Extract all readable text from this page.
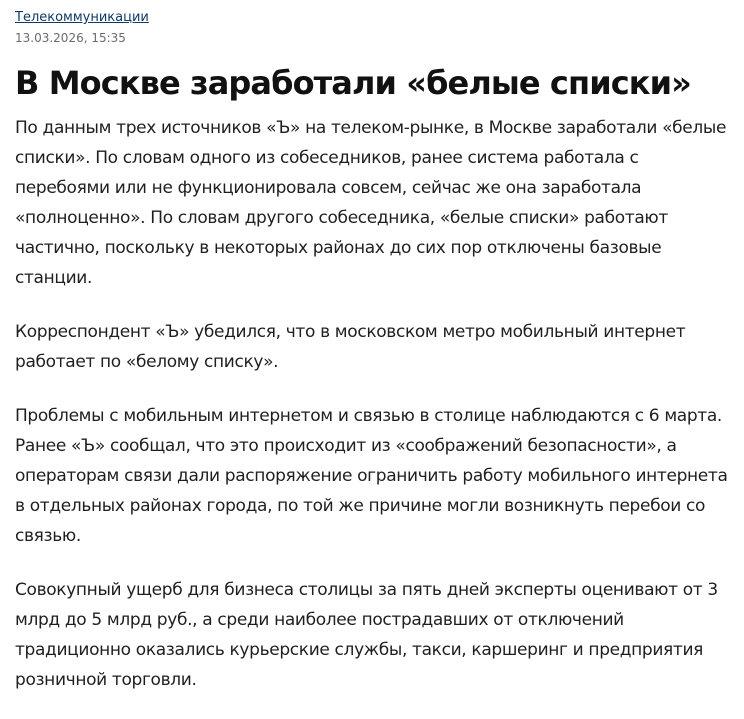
Телекоммуникации
13.03.2026, 15:35
В Москве заработали «белые списки»

По данным трех источников «Ъ» на телеком-рынке, в Москве заработали «белые списки». По словам одного из собеседников, ранее система работала с перебоями или не функционировала совсем, сейчас же она заработала «полноценно». По словам другого собеседника, «белые списки» работают частично, поскольку в некоторых районах до сих пор отключены базовые станции.

Корреспондент «Ъ» убедился, что в московском метро мобильный интернет работает по «белому списку».

Проблемы с мобильным интернетом и связью в столице наблюдаются с 6 марта. Ранее «Ъ» сообщал, что это происходит из «соображений безопасности», а операторам связи дали распоряжение ограничить работу мобильного интернета в отдельных районах города, по той же причине могли возникнуть перебои со связью.

Совокупный ущерб для бизнеса столицы за пять дней эксперты оценивают от 3 млрд до 5 млрд руб., а среди наиболее пострадавших от отключений традиционно оказались курьерские службы, такси, каршеринг и предприятия розничной торговли.
